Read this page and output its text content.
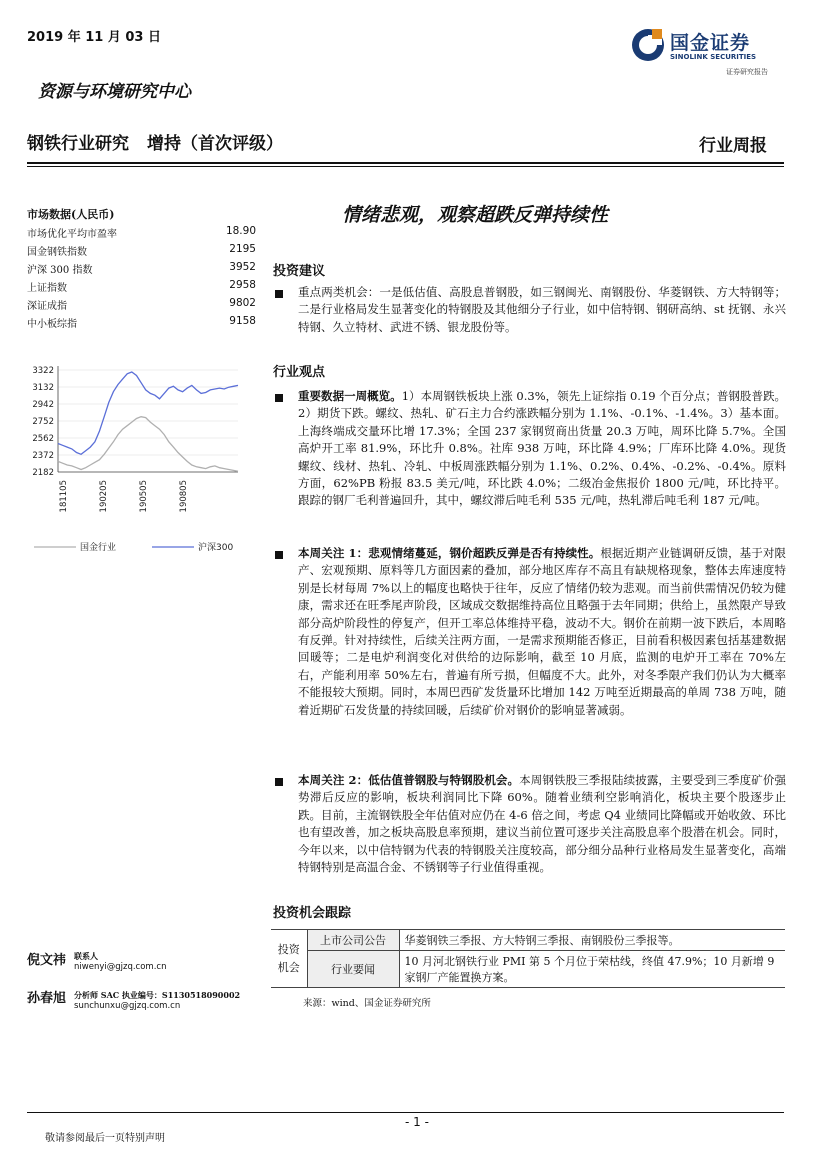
2019 年 11 月 03 日
资源与环境研究中心
国金证券
SINOLINK SECURITIES
证券研究报告
钢铁行业研究 增持（首次评级）	行业周报
市场数据(人民币)
市场优化平均市盈率	18.90
国金钢铁指数	2195
沪深 300 指数	3952
上证指数	2958
深证成指	9802
中小板综指	9158
3322
3132
2942
2752
2562
2372
2182
181105	190205	190505	190805
国金行业	沪深300
倪文祎 联系人
niwenyi@gjzq.com.cn
孙春旭 分析师 SAC 执业编号：S1130518090002
sunchunxu@gjzq.com.cn
情绪悲观，观察超跌反弹持续性
投资建议
重点两类机会：一是低估值、高股息普钢股，如三钢闽光、南钢股份、华菱钢铁、方大特钢等；二是行业格局发生显著变化的特钢股及其他细分子行业，如中信特钢、钢研高纳、st 抚钢、永兴特钢、久立特材、武进不锈、银龙股份等。
行业观点
重要数据一周概览。1）本周钢铁板块上涨 0.3%，领先上证综指 0.19 个百分点；普钢股普跌。2）期货下跌。螺纹、热轧、矿石主力合约涨跌幅分别为 1.1%、-0.1%、-1.4%。3）基本面。上海终端成交量环比增 17.3%；全国 237 家钢贸商出货量 20.3 万吨，周环比降 5.7%。全国高炉开工率 81.9%，环比升 0.8%。社库 938 万吨，环比降 4.9%；厂库环比降 4.0%。现货螺纹、线材、热轧、冷轧、中板周涨跌幅分别为 1.1%、0.2%、0.4%、-0.2%、-0.4%。原料方面，62%PB 粉报 83.5 美元/吨，环比跌 4.0%；二级冶金焦报价 1800 元/吨，环比持平。跟踪的钢厂毛利普遍回升，其中，螺纹滞后吨毛利 535 元/吨，热轧滞后吨毛利 187 元/吨。
本周关注 1：悲观情绪蔓延，钢价超跌反弹是否有持续性。根据近期产业链调研反馈，基于对限产、宏观预期、原料等几方面因素的叠加，部分地区库存不高且有缺规格现象，整体去库速度特别是长材每周 7%以上的幅度也略快于往年，反应了情绪仍较为悲观。而当前供需情况仍较为健康，需求还在旺季尾声阶段，区域成交数据维持高位且略强于去年同期；供给上，虽然限产导致部分高炉阶段性的停复产，但开工率总体维持平稳，波动不大。钢价在前期一波下跌后，本周略有反弹。针对持续性，后续关注两方面，一是需求预期能否修正，目前看积极因素包括基建数据回暖等；二是电炉利润变化对供给的边际影响，截至 10 月底，监测的电炉开工率在 70%左右，产能利用率 50%左右，普遍有所亏损，但幅度不大。此外，对冬季限产我们仍认为大概率不能报较大预期。同时，本周巴西矿发货量环比增加 142 万吨至近期最高的单周 738 万吨，随着近期矿石发货量的持续回暖，后续矿价对钢价的影响显著减弱。
本周关注 2：低估值普钢股与特钢股机会。本周钢铁股三季报陆续披露，主要受到三季度矿价强势滞后反应的影响，板块利润同比下降 60%。随着业绩利空影响消化，板块主要个股逐步止跌。目前，主流钢铁股全年估值对应仍在 4-6 倍之间，考虑 Q4 业绩同比降幅或开始收敛、环比也有望改善，加之板块高股息率预期，建议当前位置可逐步关注高股息率个股潜在机会。同时，今年以来，以中信特钢为代表的特钢股关注度较高，部分细分品种行业格局发生显著变化，高端特钢特别是高温合金、不锈钢等子行业值得重视。
投资机会跟踪
投资机会	上市公司公告	华菱钢铁三季报、方大特钢三季报、南钢股份三季报等。
	行业要闻	10 月河北钢铁行业 PMI 第 5 个月位于荣枯线，终值 47.9%；10 月新增 9 家钢厂产能置换方案。
来源：wind、国金证券研究所
- 1 -
敬请参阅最后一页特别声明
